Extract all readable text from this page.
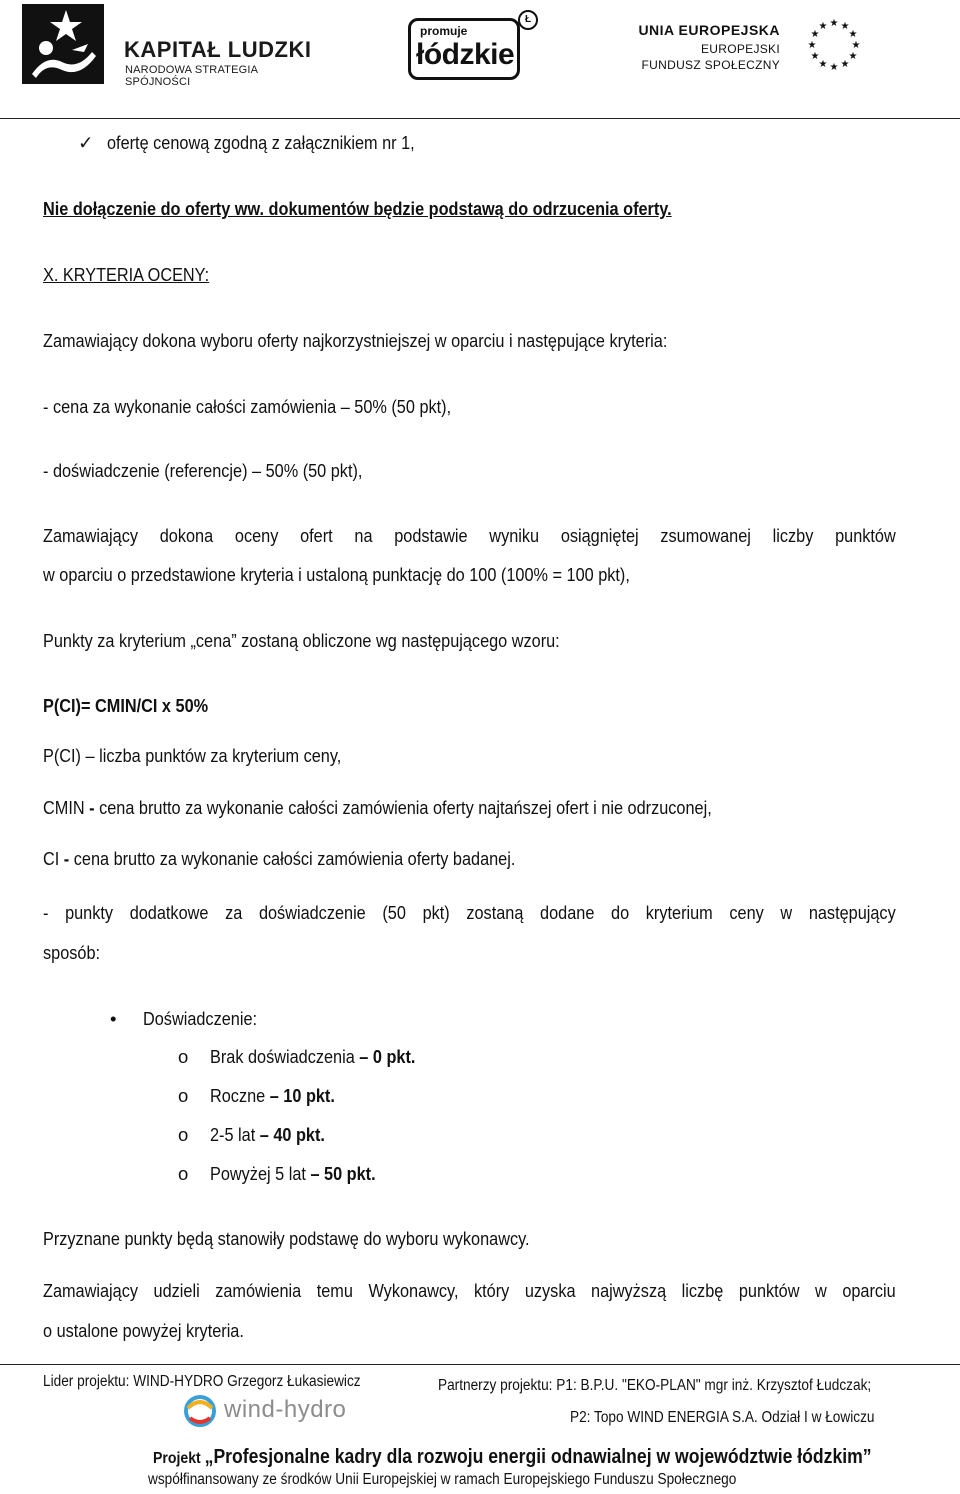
KAPITAŁ LUDZKI
NARODOWA STRATEGIA SPÓJNOŚCI
promuje
łódzkie
Ł
UNIA EUROPEJSKA
EUROPEJSKI
FUNDUSZ SPOŁECZNY
★ ★
★
★
★
★
★
★
★
★
★
★
✓ ofertę cenową zgodną z załącznikiem nr 1,
Nie dołączenie do oferty ww. dokumentów będzie podstawą do odrzucenia oferty.
X. KRYTERIA OCENY:
Zamawiający dokona wyboru oferty najkorzystniejszej w oparciu i następujące kryteria:
- cena za wykonanie całości zamówienia – 50% (50 pkt),
- doświadczenie (referencje) – 50% (50 pkt),
Zamawiający dokona oceny ofert na podstawie wyniku osiągniętej zsumowanej liczby punktów
w oparciu o przedstawione kryteria i ustaloną punktację do 100 (100% = 100 pkt),
Punkty za kryterium „cena” zostaną obliczone wg następującego wzoru:
P(CI)= CMIN/CI x 50%
P(CI) – liczba punktów za kryterium ceny,
CMIN - cena brutto za wykonanie całości zamówienia oferty najtańszej ofert i nie odrzuconej,
CI - cena brutto za wykonanie całości zamówienia oferty badanej.
- punkty dodatkowe za doświadczenie (50 pkt) zostaną dodane do kryterium ceny w następujący
sposób:
• Doświadczenie:
o Brak doświadczenia – 0 pkt.
o Roczne – 10 pkt.
o 2-5 lat – 40 pkt.
o Powyżej 5 lat – 50 pkt.
Przyznane punkty będą stanowiły podstawę do wyboru wykonawcy.
Zamawiający udzieli zamówienia temu Wykonawcy, który uzyska najwyższą liczbę punktów w oparciu
o ustalone powyżej kryteria.
Lider projektu: WIND-HYDRO Grzegorz Łukasiewicz	Partnerzy projektu: P1: B.P.U. "EKO-PLAN" mgr inż. Krzysztof Łudczak;
P2: Topo WIND ENERGIA S.A. Odział I w Łowiczu
wind-hydro
Projekt „Profesjonalne kadry dla rozwoju energii odnawialnej w województwie łódzkim”
współfinansowany ze środków Unii Europejskiej w ramach Europejskiego Funduszu Społecznego
